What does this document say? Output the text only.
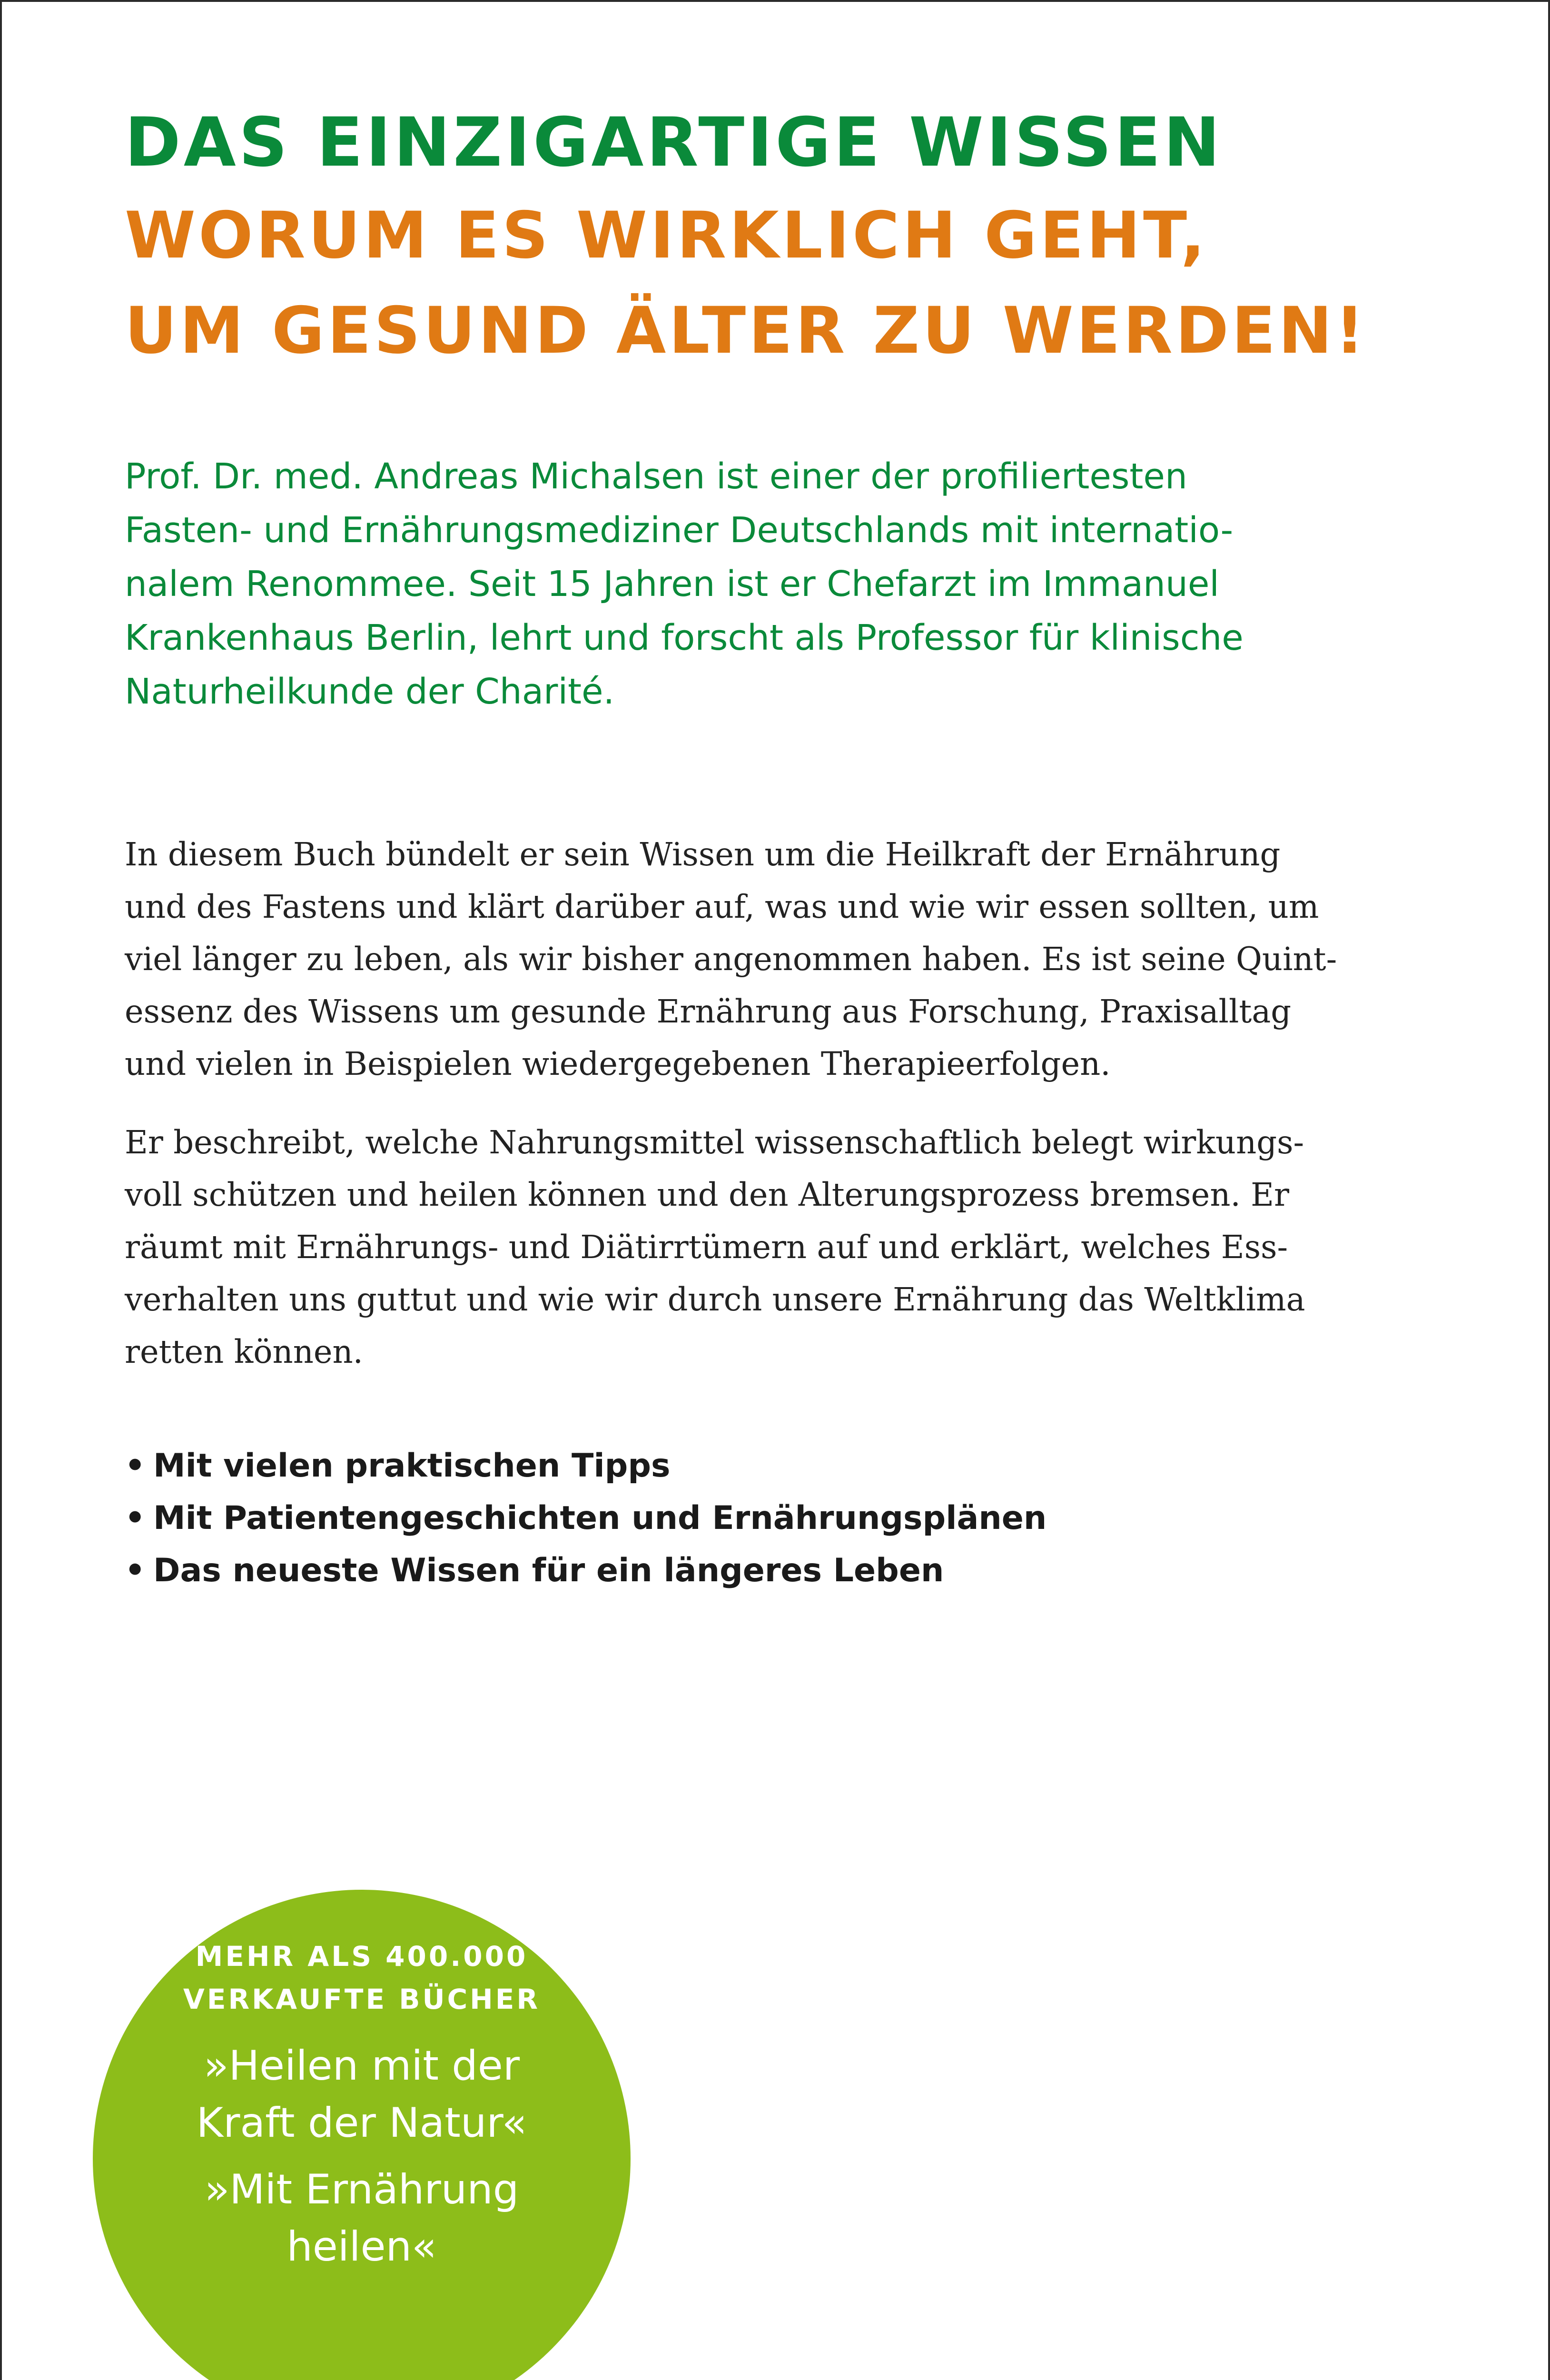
DAS EINZIGARTIGE WISSEN
WORUM ES WIRKLICH GEHT,
UM GESUND ÄLTER ZU WERDEN!
Prof. Dr. med. Andreas Michalsen ist einer der profiliertesten
Fasten- und Ernährungsmediziner Deutschlands mit internatio-
nalem Renommee. Seit 15 Jahren ist er Chefarzt im Immanuel
Krankenhaus Berlin, lehrt und forscht als Professor für klinische
Naturheilkunde der Charité.
In diesem Buch bündelt er sein Wissen um die Heilkraft der Ernährung
und des Fastens und klärt darüber auf, was und wie wir essen sollten, um
viel länger zu leben, als wir bisher angenommen haben. Es ist seine Quint-
essenz des Wissens um gesunde Ernährung aus Forschung, Praxisalltag
und vielen in Beispielen wiedergegebenen Therapieerfolgen.
Er beschreibt, welche Nahrungsmittel wissenschaftlich belegt wirkungs-
voll schützen und heilen können und den Alterungsprozess bremsen. Er
räumt mit Ernährungs- und Diätirrtümern auf und erklärt, welches Ess-
verhalten uns guttut und wie wir durch unsere Ernährung das Weltklima
retten können.
• Mit vielen praktischen Tipps
• Mit Patientengeschichten und Ernährungsplänen
• Das neueste Wissen für ein längeres Leben
MEHR ALS 400.000
VERKAUFTE BÜCHER
»Heilen mit der
Kraft der Natur«
»Mit Ernährung
heilen«
